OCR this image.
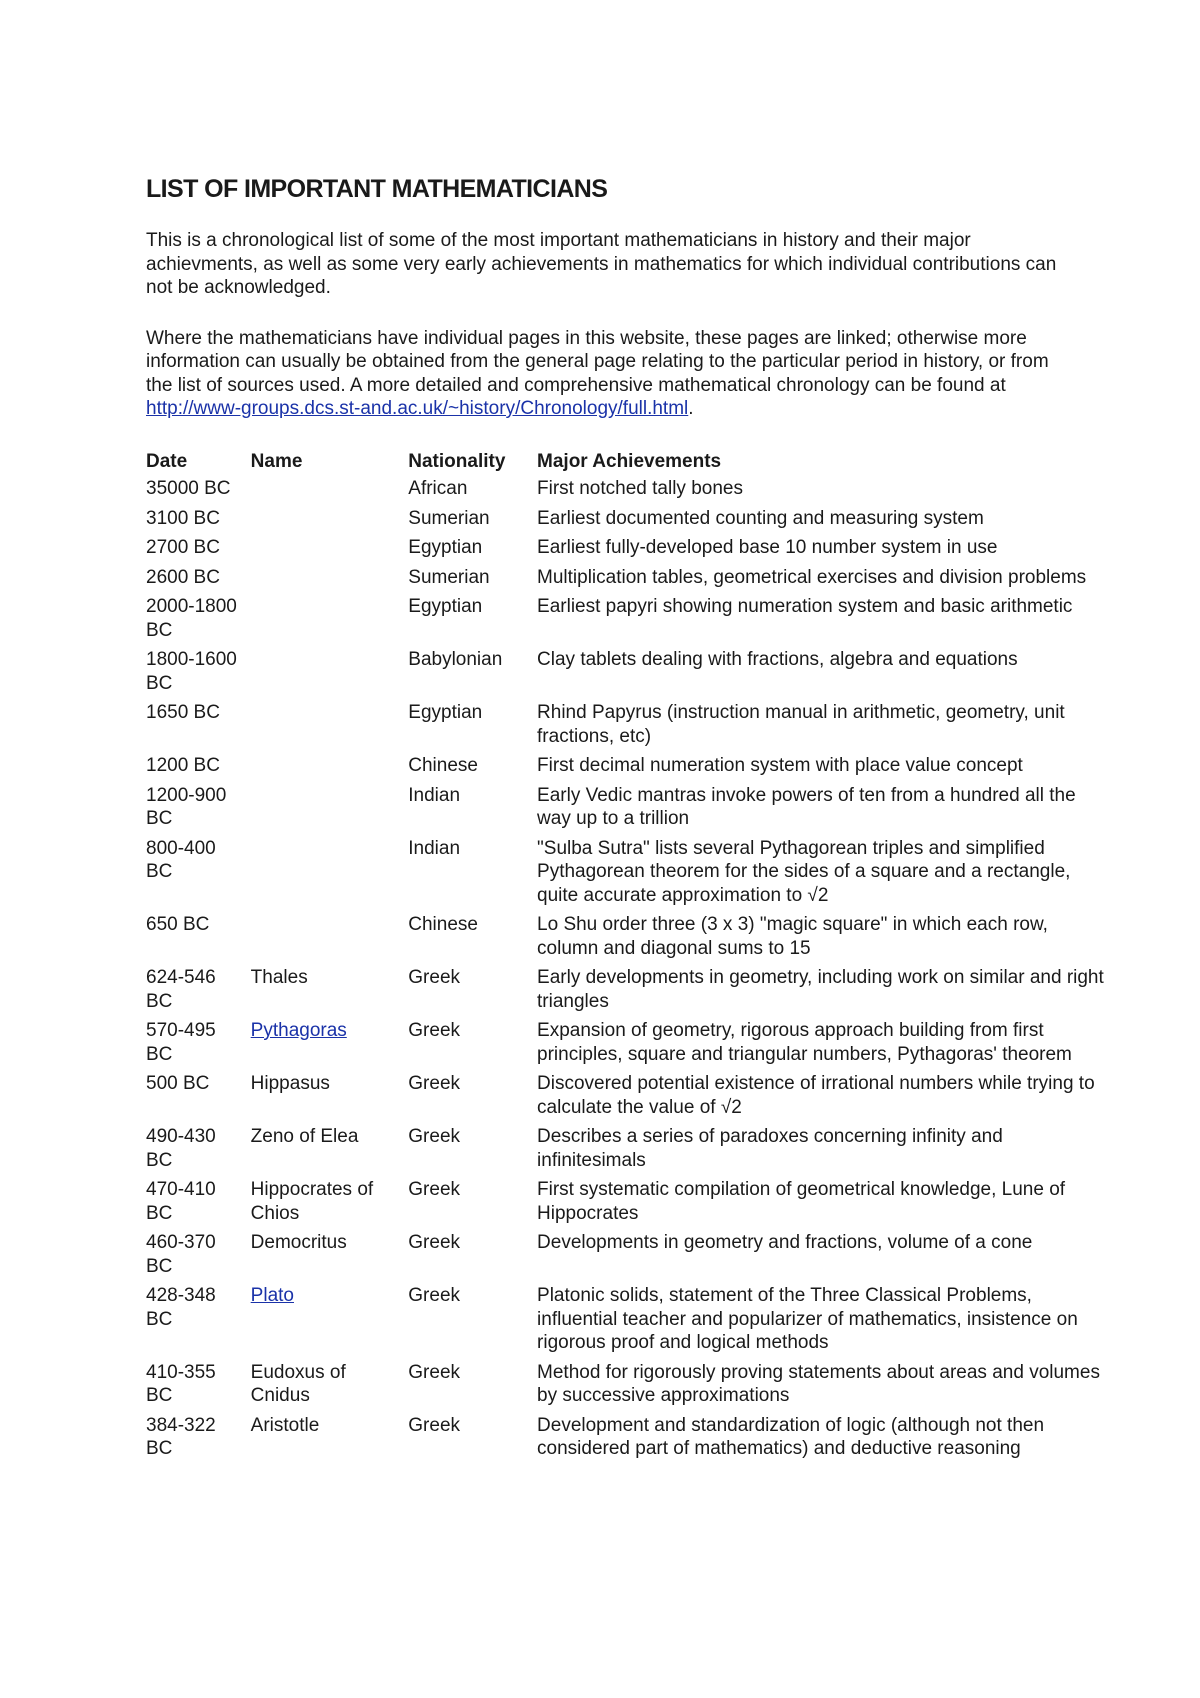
LIST OF IMPORTANT MATHEMATICIANS

This is a chronological list of some of the most important mathematicians in history and their major achievments, as well as some very early achievements in mathematics for which individual contributions can not be acknowledged.

Where the mathematicians have individual pages in this website, these pages are linked; otherwise more information can usually be obtained from the general page relating to the particular period in history, or from the list of sources used. A more detailed and comprehensive mathematical chronology can be found at http://www-groups.dcs.st-and.ac.uk/~history/Chronology/full.html.

Date	Name	Nationality	Major Achievements
35000 BC		African	First notched tally bones
3100 BC		Sumerian	Earliest documented counting and measuring system
2700 BC		Egyptian	Earliest fully-developed base 10 number system in use
2600 BC		Sumerian	Multiplication tables, geometrical exercises and division problems
2000-1800 BC		Egyptian	Earliest papyri showing numeration system and basic arithmetic
1800-1600 BC		Babylonian	Clay tablets dealing with fractions, algebra and equations
1650 BC		Egyptian	Rhind Papyrus (instruction manual in arithmetic, geometry, unit fractions, etc)
1200 BC		Chinese	First decimal numeration system with place value concept
1200-900 BC		Indian	Early Vedic mantras invoke powers of ten from a hundred all the way up to a trillion
800-400 BC		Indian	"Sulba Sutra" lists several Pythagorean triples and simplified Pythagorean theorem for the sides of a square and a rectangle, quite accurate approximation to √2
650 BC		Chinese	Lo Shu order three (3 x 3) "magic square" in which each row, column and diagonal sums to 15
624-546 BC	Thales	Greek	Early developments in geometry, including work on similar and right triangles
570-495 BC	Pythagoras	Greek	Expansion of geometry, rigorous approach building from first principles, square and triangular numbers, Pythagoras' theorem
500 BC	Hippasus	Greek	Discovered potential existence of irrational numbers while trying to calculate the value of √2
490-430 BC	Zeno of Elea	Greek	Describes a series of paradoxes concerning infinity and infinitesimals
470-410 BC	Hippocrates of Chios	Greek	First systematic compilation of geometrical knowledge, Lune of Hippocrates
460-370 BC	Democritus	Greek	Developments in geometry and fractions, volume of a cone
428-348 BC	Plato	Greek	Platonic solids, statement of the Three Classical Problems, influential teacher and popularizer of mathematics, insistence on rigorous proof and logical methods
410-355 BC	Eudoxus of Cnidus	Greek	Method for rigorously proving statements about areas and volumes by successive approximations
384-322 BC	Aristotle	Greek	Development and standardization of logic (although not then considered part of mathematics) and deductive reasoning
